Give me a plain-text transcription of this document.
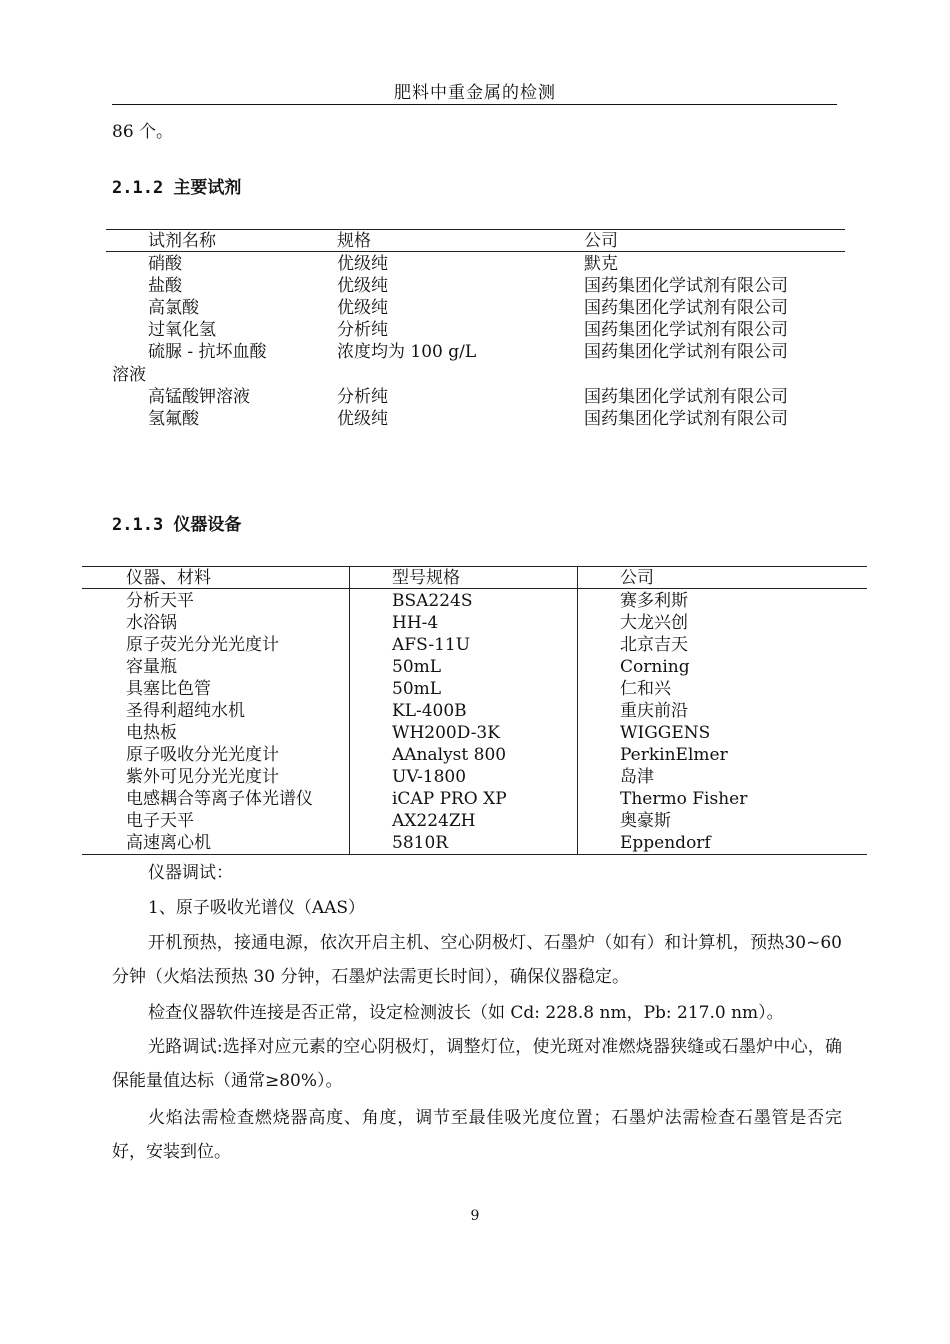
肥料中重金属的检测
86 个。
2.1.2 主要试剂
试剂名称	规格	公司
硝酸	优级纯	默克
盐酸	优级纯	国药集团化学试剂有限公司
高氯酸	优级纯	国药集团化学试剂有限公司
过氧化氢	分析纯	国药集团化学试剂有限公司
硫脲 - 抗坏血酸	浓度均为 100 g/L	国药集团化学试剂有限公司
溶液
高锰酸钾溶液	分析纯	国药集团化学试剂有限公司
氢氟酸	优级纯	国药集团化学试剂有限公司
2.1.3 仪器设备
仪器、材料	型号规格	公司
分析天平	BSA224S	赛多利斯
水浴锅	HH-4	大龙兴创
原子荧光分光光度计	AFS-11U	北京吉天
容量瓶	50mL	Corning
具塞比色管	50mL	仁和兴
圣得利超纯水机	KL-400B	重庆前沿
电热板	WH200D-3K	WIGGENS
原子吸收分光光度计	AAnalyst 800	PerkinElmer
紫外可见分光光度计	UV-1800	岛津
电感耦合等离子体光谱仪	iCAP PRO XP	Thermo Fisher
电子天平	AX224ZH	奥豪斯
高速离心机	5810R	Eppendorf
仪器调试：
1、原子吸收光谱仪（AAS）
开机预热，接通电源，依次开启主机、空心阴极灯、石墨炉（如有）和计算机，预热30~60 分钟（火焰法预热 30 分钟，石墨炉法需更长时间），确保仪器稳定。
检查仪器软件连接是否正常，设定检测波长（如 Cd: 228.8 nm，Pb: 217.0 nm）。
光路调试:选择对应元素的空心阴极灯，调整灯位，使光斑对准燃烧器狭缝或石墨炉中心，确保能量值达标（通常≥80%）。
火焰法需检查燃烧器高度、角度，调节至最佳吸光度位置；石墨炉法需检查石墨管是否完好，安装到位。
9
